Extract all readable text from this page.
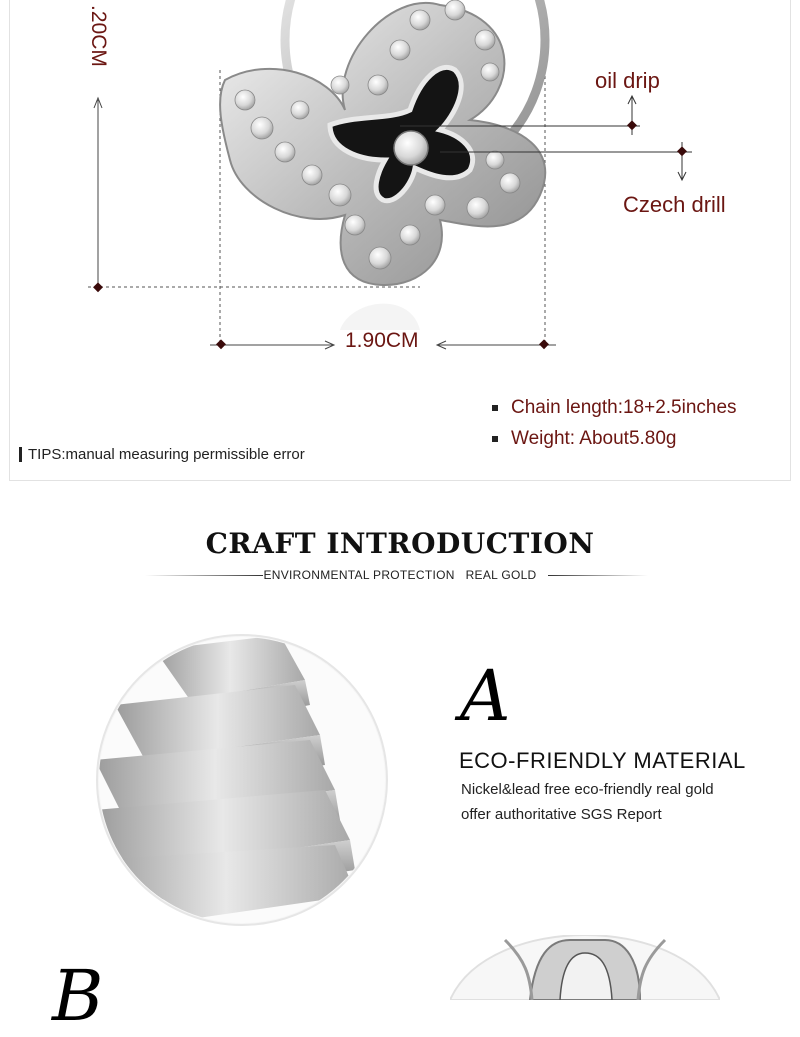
.20CM
1.90CM
oil drip
Czech drill
Chain length:18+2.5inches
Weight: About5.80g
TIPS:manual measuring permissible error
CRAFT INTRODUCTION
ENVIRONMENTAL PROTECTION   REAL GOLD
A
ECO-FRIENDLY MATERIAL
Nickel&lead free eco-friendly real gold
offer authoritative SGS Report
B
